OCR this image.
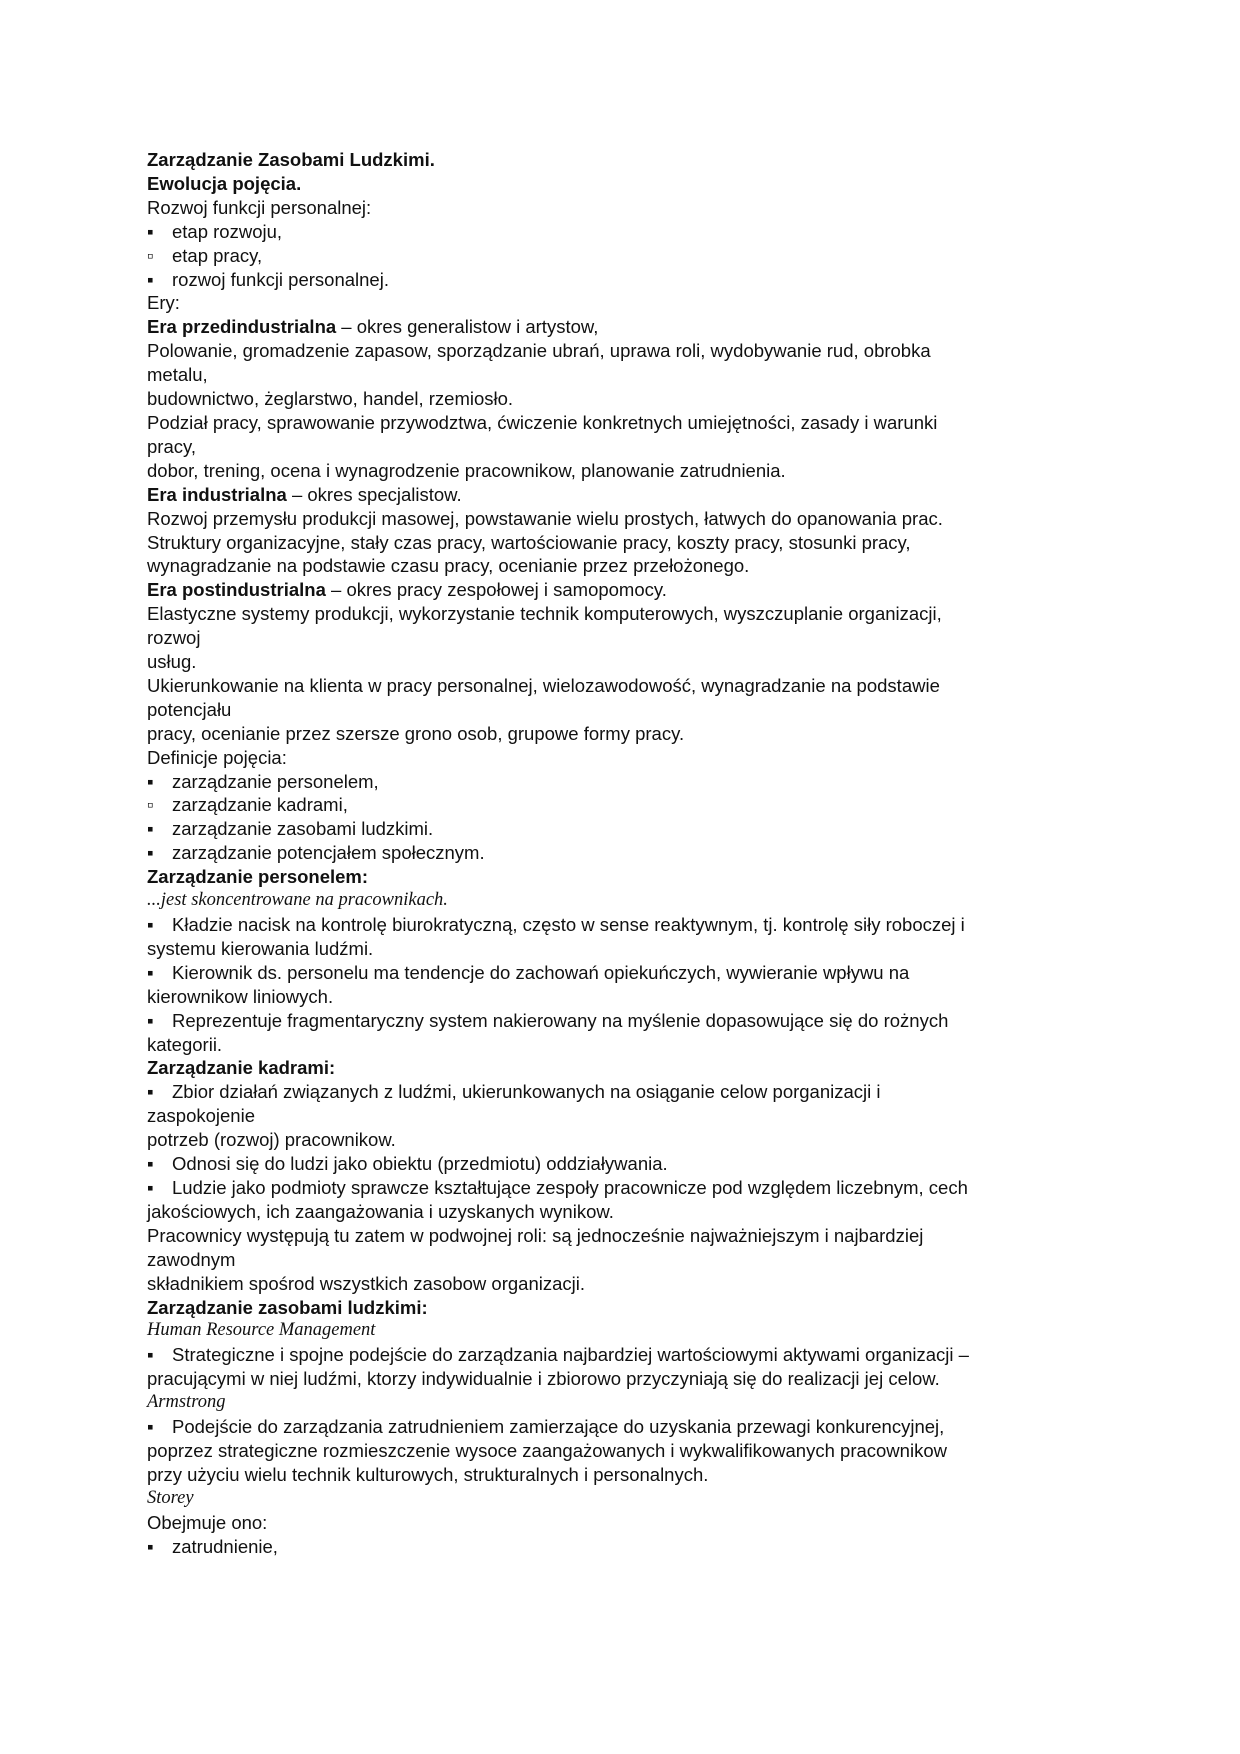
Zarządzanie Zasobami Ludzkimi.
Ewolucja pojęcia.
Rozwoj funkcji personalnej:
▪ etap rozwoju,
▫ etap pracy,
▪ rozwoj funkcji personalnej.
Ery:
Era przedindustrialna – okres generalistow i artystow,
Polowanie, gromadzenie zapasow, sporządzanie ubrań, uprawa roli, wydobywanie rud, obrobka
metalu,
budownictwo, żeglarstwo, handel, rzemiosło.
Podział pracy, sprawowanie przywodztwa, ćwiczenie konkretnych umiejętności, zasady i warunki
pracy,
dobor, trening, ocena i wynagrodzenie pracownikow, planowanie zatrudnienia.
Era industrialna – okres specjalistow.
Rozwoj przemysłu produkcji masowej, powstawanie wielu prostych, łatwych do opanowania prac.
Struktury organizacyjne, stały czas pracy, wartościowanie pracy, koszty pracy, stosunki pracy,
wynagradzanie na podstawie czasu pracy, ocenianie przez przełożonego.
Era postindustrialna – okres pracy zespołowej i samopomocy.
Elastyczne systemy produkcji, wykorzystanie technik komputerowych, wyszczuplanie organizacji,
rozwoj
usług.
Ukierunkowanie na klienta w pracy personalnej, wielozawodowość, wynagradzanie na podstawie
potencjału
pracy, ocenianie przez szersze grono osob, grupowe formy pracy.
Definicje pojęcia:
▪ zarządzanie personelem,
▫ zarządzanie kadrami,
▪ zarządzanie zasobami ludzkimi.
▪ zarządzanie potencjałem społecznym.
Zarządzanie personelem:
...jest skoncentrowane na pracownikach.
▪ Kładzie nacisk na kontrolę biurokratyczną, często w sense reaktywnym, tj. kontrolę siły roboczej i
systemu kierowania ludźmi.
▪ Kierownik ds. personelu ma tendencje do zachowań opiekuńczych, wywieranie wpływu na
kierownikow liniowych.
▪ Reprezentuje fragmentaryczny system nakierowany na myślenie dopasowujące się do rożnych
kategorii.
Zarządzanie kadrami:
▪ Zbior działań związanych z ludźmi, ukierunkowanych na osiąganie celow porganizacji i
zaspokojenie
potrzeb (rozwoj) pracownikow.
▪ Odnosi się do ludzi jako obiektu (przedmiotu) oddziaływania.
▪ Ludzie jako podmioty sprawcze kształtujące zespoły pracownicze pod względem liczebnym, cech
jakościowych, ich zaangażowania i uzyskanych wynikow.
Pracownicy występują tu zatem w podwojnej roli: są jednocześnie najważniejszym i najbardziej
zawodnym
składnikiem spośrod wszystkich zasobow organizacji.
Zarządzanie zasobami ludzkimi:
Human Resource Management
▪ Strategiczne i spojne podejście do zarządzania najbardziej wartościowymi aktywami organizacji –
pracującymi w niej ludźmi, ktorzy indywidualnie i zbiorowo przyczyniają się do realizacji jej celow.
Armstrong
▪ Podejście do zarządzania zatrudnieniem zamierzające do uzyskania przewagi konkurencyjnej,
poprzez strategiczne rozmieszczenie wysoce zaangażowanych i wykwalifikowanych pracownikow
przy użyciu wielu technik kulturowych, strukturalnych i personalnych.
Storey
Obejmuje ono:
▪ zatrudnienie,
